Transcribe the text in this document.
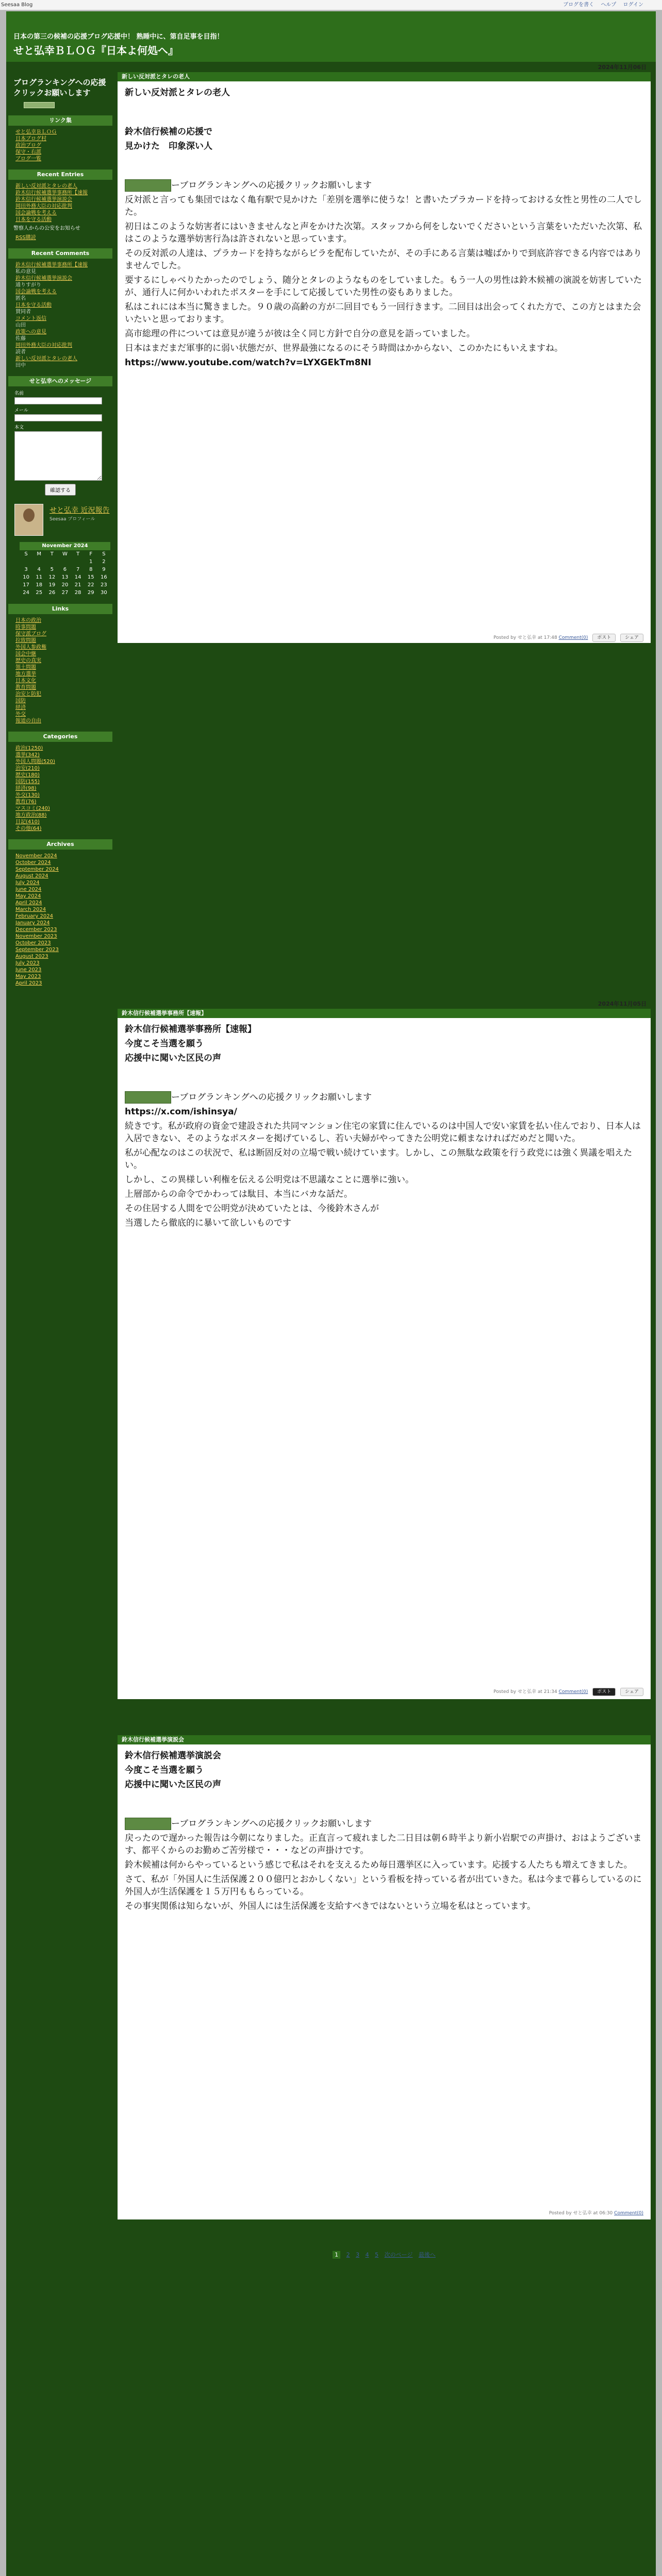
Seesaa Blog	ブログを書く ヘルプ ログイン
日本の第三の候補の応援ブログ応援中！ 熟睡中に、第自足事を目指！
せと弘幸ＢＬＯＧ『日本よ何処へ』
ブログランキングへの応援クリックお願いします
リンク集
せと弘幸ＢＬＯＧ
日本ブログ村
政治ブログ
保守・右派
ブログ一覧
Recent Entries
新しい反対派とタレの老人
鈴木信行候補選挙事務所【速報
鈴木信行候補選挙演説会
岡田外務大臣の対応批判
国会論戦を考える
日本を守る活動
警察人からの公安をお知らせ
RSS購読
Recent Comments
鈴木信行候補選挙事務所【速報
私の意見
鈴木信行候補選挙演説会
通りすがり
国会論戦を考える
匿名
日本を守る活動
賛同者
コメント返信
山田
政策への意見
佐藤
岡田外務大臣の対応批判
読者
新しい反対派とタレの老人
田中
せと弘幸へのメッセージ
名前
メール
本文
確認する
せと弘幸 近況報告
Seesaa プロフィール
November 2024
S	M	T	W	T	F	S
					1	2
3	4	5	6	7	8	9
10	11	12	13	14	15	16
17	18	19	20	21	22	23
24	25	26	27	28	29	30
Links
日本の政治
時事問題
保守派ブログ
拉致問題
外国人参政権
国会中継
歴史の真実
領土問題
地方選挙
日本文化
教育問題
治安と防犯
国防
経済
外交
報道の自由
Categories
政治(1250)
選挙(342)
外国人問題(520)
治安(210)
歴史(180)
国防(155)
経済(98)
外交(130)
教育(76)
マスコミ(240)
地方政治(88)
日記(410)
その他(64)
Archives
November 2024
October 2024
September 2024
August 2024
July 2024
June 2024
May 2024
April 2024
March 2024
February 2024
January 2024
December 2023
November 2023
October 2023
September 2023
August 2023
July 2023
June 2023
May 2023
April 2023
2024年11月06日
新しい反対派とタレの老人

新しい反対派とタレの老人

鈴木信行候補の応援で

見かけた　印象深い人

ーブログランキングへの応援クリックお願いします

反対派と言っても集団ではなく亀有駅で見かけた「差別を選挙に使うな！と書いたプラカードを持っておける女性と男性の二人でした。

初日はこのような妨害者にはいきませんなと声をかけた次第。スタッフから何をしないでくださいという言葉をいただいた次第、私はこのような選挙妨害行為は許されないと思っています。

その反対派の人達は、プラカードを持ちながらビラを配布していたが、その手にある言葉は嘘ばかりで到底許容できる内容ではありませんでした。

要するにしゃべりたかったのでしょう、随分とタレのようなものをしていました。もう一人の男性は鈴木候補の演説を妨害していたが、通行人に何かいわれたポスターを手にして応援していた男性の姿もありました。

私はこれには本当に驚きました。９０歳の高齢の方が二回目でもう一回行きます。二回目は出会ってくれた方で、この方とはまた会いたいと思っております。

高市総理の件については意見が違うが彼は全く同じ方針で自分の意見を語っていました。

日本はまだまだ軍事的に弱い状態だが、世界最強になるのにそう時間はかからない、このかたにもいえますね。

https://www.youtube.com/watch?v=LYXGEkTm8NI

Posted by せと弘幸 at 17:48 Comment(0) ポスト	シェア
2024年11月05日
鈴木信行候補選挙事務所【速報】

鈴木信行候補選挙事務所【速報】

今度こそ当選を願う

応援中に聞いた区民の声

ーブログランキングへの応援クリックお願いします

https://x.com/ishinsya/

続きです。私が政府の資金で建設された共同マンション住宅の家賃に住んでいるのは中国人で安い家賃を払い住んでおり、日本人は入居できない、そのようなポスターを掲げているし、若い夫婦がやってきた公明党に頼まなければだめだと聞いた。

私が心配なのはこの状況で、私は断固反対の立場で戦い続けています。しかし、この無駄な政策を行う政党には強く異議を唱えたい。

しかし、この異様しい利権を伝える公明党は不思議なことに選挙に強い。

上層部からの命令でかわっては駄目、本当にバカな話だ。

その住居する人間をで公明党が決めていたとは、今後鈴木さんが

当選したら徹底的に暴いて欲しいものです

Posted by せと弘幸 at 21:34 Comment(0) ポスト	シェア
鈴木信行候補選挙演説会

鈴木信行候補選挙演説会

今度こそ当選を願う

応援中に聞いた区民の声

ーブログランキングへの応援クリックお願いします

戻ったので遅かった報告は今朝になりました。正直言って疲れました二日目は朝６時半より新小岩駅での声掛け、おはようございます、都平くからのお勤めご苦労様で・・・などの声掛けです。

鈴木候補は何からやっているという感じで私はそれを支えるため毎日選挙区に入っています。応援する人たちも増えてきました。

さて、私が「外国人に生活保護２００億円とおかしくない」という看板を持っている者が出ていきた。私は今まで暮らしているのに外国人が生活保護を１５万円ももらっている。

その事実関係は知らないが、外国人には生活保護を支給すべきではないという立場を私はとっています。

Posted by せと弘幸 at 06:30 Comment(0)
1 2 3 4 5 次のページ 最後へ
